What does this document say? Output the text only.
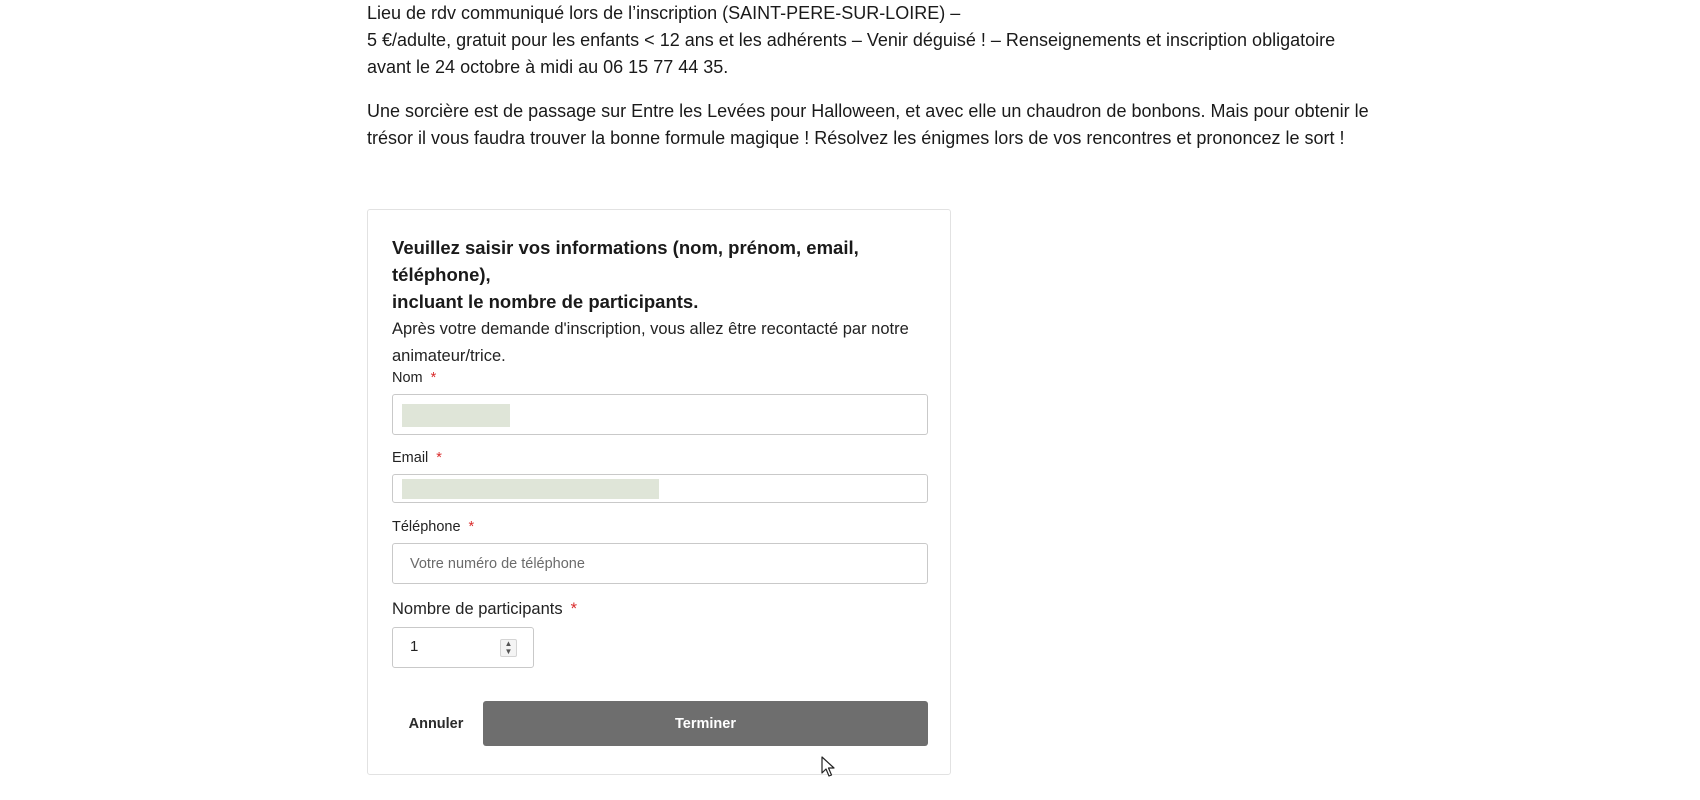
Lieu de rdv communiqué lors de l’inscription (SAINT-PERE-SUR-LOIRE) –

5 €/adulte, gratuit pour les enfants < 12 ans et les adhérents – Venir déguisé ! – Renseignements et inscription obligatoire

avant le 24 octobre à midi au 06 15 77 44 35.

Une sorcière est de passage sur Entre les Levées pour Halloween, et avec elle un chaudron de bonbons. Mais pour obtenir le

trésor il vous faudra trouver la bonne formule magique ! Résolvez les énigmes lors de vos rencontres et prononcez le sort !

Veuillez saisir vos informations (nom, prénom, email, téléphone),

incluant le nombre de participants.

Après votre demande d'inscription, vous allez être recontacté par notre

animateur/trice.

Nom *
Email *
Téléphone *
Votre numéro de téléphone
Nombre de participants *
1	▲
▼
Annuler	Terminer
